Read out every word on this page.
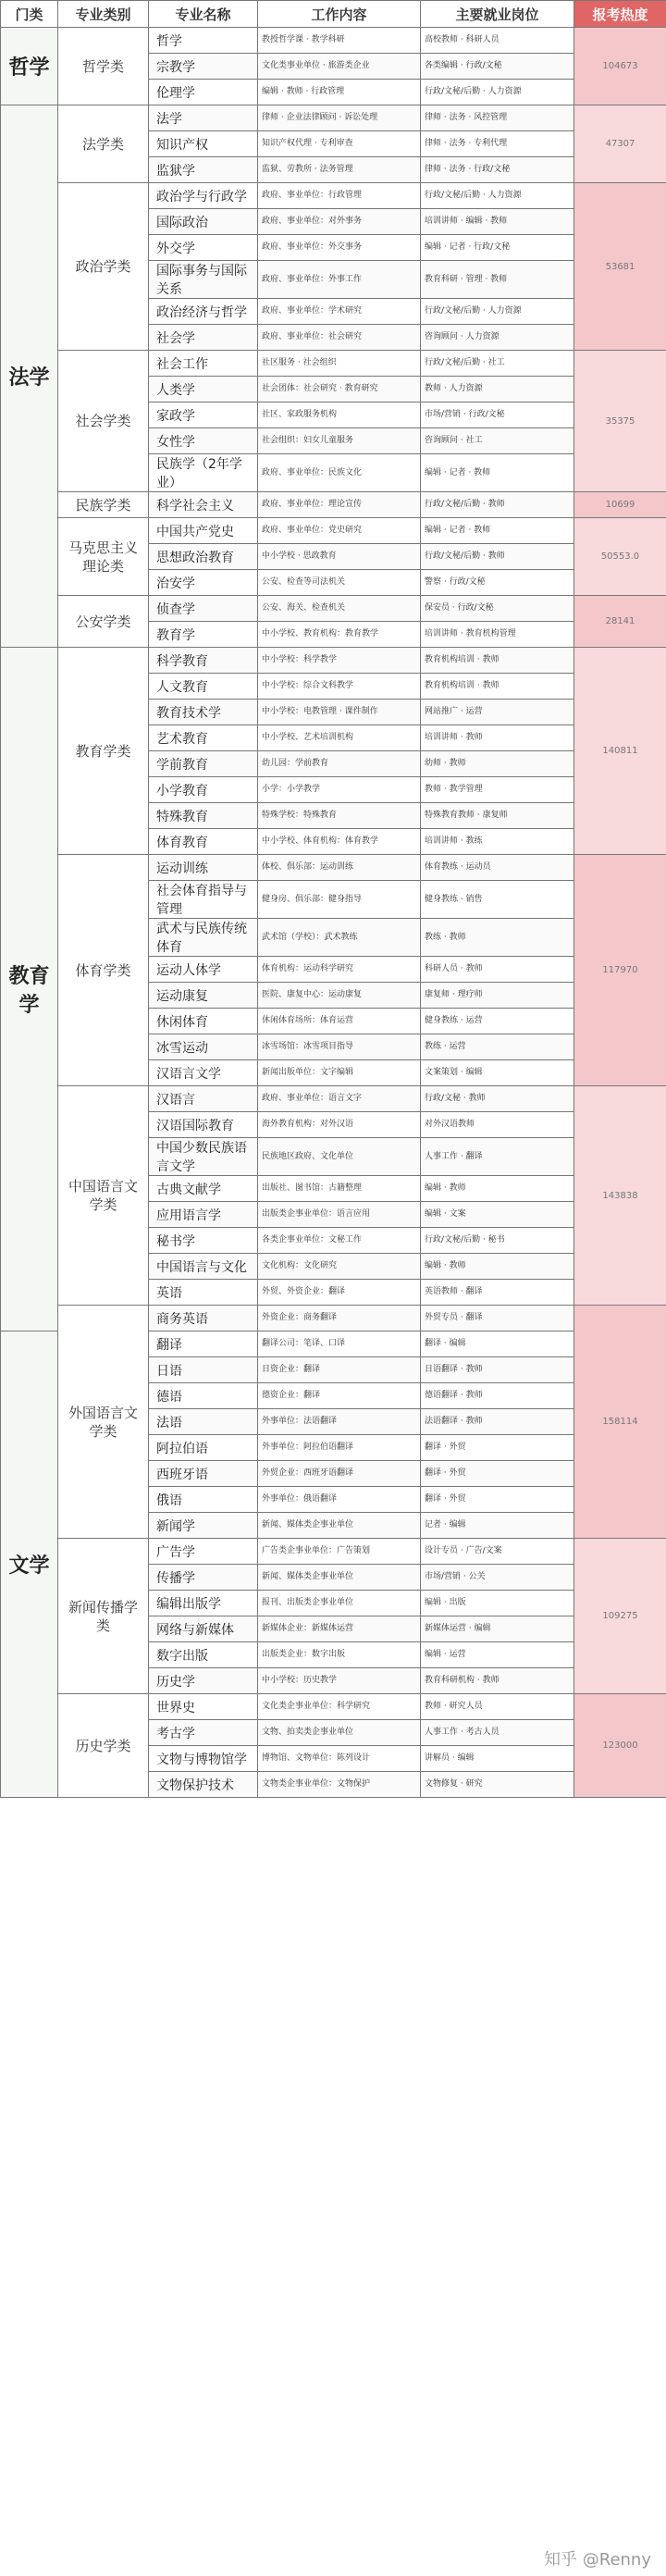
门类	专业类别	专业名称	工作内容	主要就业岗位	报考热度
哲学	哲学类	哲学	教授哲学课 · 教学科研	高校教师 · 科研人员	104673
		宗教学	文化类事业单位 · 旅游类企业	各类编辑 · 行政/文秘	
		伦理学	编辑 · 教师 · 行政管理	行政/文秘/后勤 · 人力资源	
法学	法学类	法学	律师 · 企业法律顾问 · 诉讼处理	律师 · 法务 · 风控管理	47307
		知识产权	知识产权代理 · 专利审查	律师 · 法务 · 专利代理	
		监狱学	监狱、劳教所 · 法务管理	律师 · 法务 · 行政/文秘	
	政治学类	政治学与行政学	政府、事业单位：行政管理	行政/文秘/后勤 · 人力资源	53681
		国际政治	政府、事业单位：对外事务	培训讲师 · 编辑 · 教师	
		外交学	政府、事业单位：外交事务	编辑 · 记者 · 行政/文秘	
		国际事务与国际关系	政府、事业单位：外事工作	教育科研 · 管理 · 教师	
		政治经济与哲学	政府、事业单位：学术研究	行政/文秘/后勤 · 人力资源	
		社会学	政府、事业单位：社会研究	咨询顾问 · 人力资源	
	社会学类	社会工作	社区服务 · 社会组织	行政/文秘/后勤 · 社工	35375
		人类学	社会团体：社会研究 · 教育研究	教师 · 人力资源	
		家政学	社区、家政服务机构	市场/营销 · 行政/文秘	
		女性学	社会组织：妇女儿童服务	咨询顾问 · 社工	
		民族学（2年学业）	政府、事业单位：民族文化	编辑 · 记者 · 教师	
	民族学类	科学社会主义	政府、事业单位：理论宣传	行政/文秘/后勤 · 教师	10699
	马克思主义理论类	中国共产党史	政府、事业单位：党史研究	编辑 · 记者 · 教师	50553.0
		思想政治教育	中小学校 · 思政教育	行政/文秘/后勤 · 教师	
		治安学	公安、检查等司法机关	警察 · 行政/文秘	
	公安学类	侦查学	公安、海关、检查机关	保安员 · 行政/文秘	28141
		教育学	中小学校、教育机构：教育教学	培训讲师 · 教育机构管理	
教育学	教育学类	科学教育	中小学校：科学教学	教育机构培训 · 教师	140811
		人文教育	中小学校：综合文科教学	教育机构培训 · 教师	
		教育技术学	中小学校：电教管理 · 课件制作	网站推广 · 运营	
		艺术教育	中小学校、艺术培训机构	培训讲师 · 教师	
		学前教育	幼儿园：学前教育	幼师 · 教师	
		小学教育	小学：小学教学	教师 · 教学管理	
		特殊教育	特殊学校：特殊教育	特殊教育教师 · 康复师	
		体育教育	中小学校、体育机构：体育教学	培训讲师 · 教练	
	体育学类	运动训练	体校、俱乐部：运动训练	体育教练 · 运动员	117970
		社会体育指导与管理	健身房、俱乐部：健身指导	健身教练 · 销售	
		武术与民族传统体育	武术馆（学校）：武术教练	教练 · 教师	
		运动人体学	体育机构：运动科学研究	科研人员 · 教师	
		运动康复	医院、康复中心：运动康复	康复师 · 理疗师	
		休闲体育	休闲体育场所：体育运营	健身教练 · 运营	
		冰雪运动	冰雪场馆：冰雪项目指导	教练 · 运营	
		汉语言文学	新闻出版单位：文字编辑	文案策划 · 编辑	
	中国语言文学类	汉语言	政府、事业单位：语言文字	行政/文秘 · 教师	143838
		汉语国际教育	海外教育机构：对外汉语	对外汉语教师	
		中国少数民族语言文学	民族地区政府、文化单位	人事工作 · 翻译	
		古典文献学	出版社、图书馆：古籍整理	编辑 · 教师	
		应用语言学	出版类企事业单位：语言应用	编辑 · 文案	
		秘书学	各类企事业单位：文秘工作	行政/文秘/后勤 · 秘书	
		中国语言与文化	文化机构：文化研究	编辑 · 教师	
		英语	外贸、外资企业：翻译	英语教师 · 翻译	
	外国语言文学类	商务英语	外资企业：商务翻译	外贸专员 · 翻译	158114
文学		翻译	翻译公司：笔译、口译	翻译 · 编辑	
		日语	日资企业：翻译	日语翻译 · 教师	
		德语	德资企业：翻译	德语翻译 · 教师	
		法语	外事单位：法语翻译	法语翻译 · 教师	
		阿拉伯语	外事单位：阿拉伯语翻译	翻译 · 外贸	
		西班牙语	外贸企业：西班牙语翻译	翻译 · 外贸	
		俄语	外事单位：俄语翻译	翻译 · 外贸	
		新闻学	新闻、媒体类企事业单位	记者 · 编辑	
	新闻传播学类	广告学	广告类企事业单位：广告策划	设计专员 · 广告/文案	109275
		传播学	新闻、媒体类企事业单位	市场/营销 · 公关	
		编辑出版学	报刊、出版类企事业单位	编辑 · 出版	
		网络与新媒体	新媒体企业：新媒体运营	新媒体运营 · 编辑	
		数字出版	出版类企业：数字出版	编辑 · 运营	
		历史学	中小学校：历史教学	教育科研机构 · 教师	
	历史学类	世界史	文化类企事业单位：科学研究	教师 · 研究人员	123000
		考古学	文物、拍卖类企事业单位	人事工作 · 考古人员	
		文物与博物馆学	博物馆、文物单位：陈列设计	讲解员 · 编辑	
		文物保护技术	文物类企事业单位：文物保护	文物修复 · 研究	
知乎 @Renny
